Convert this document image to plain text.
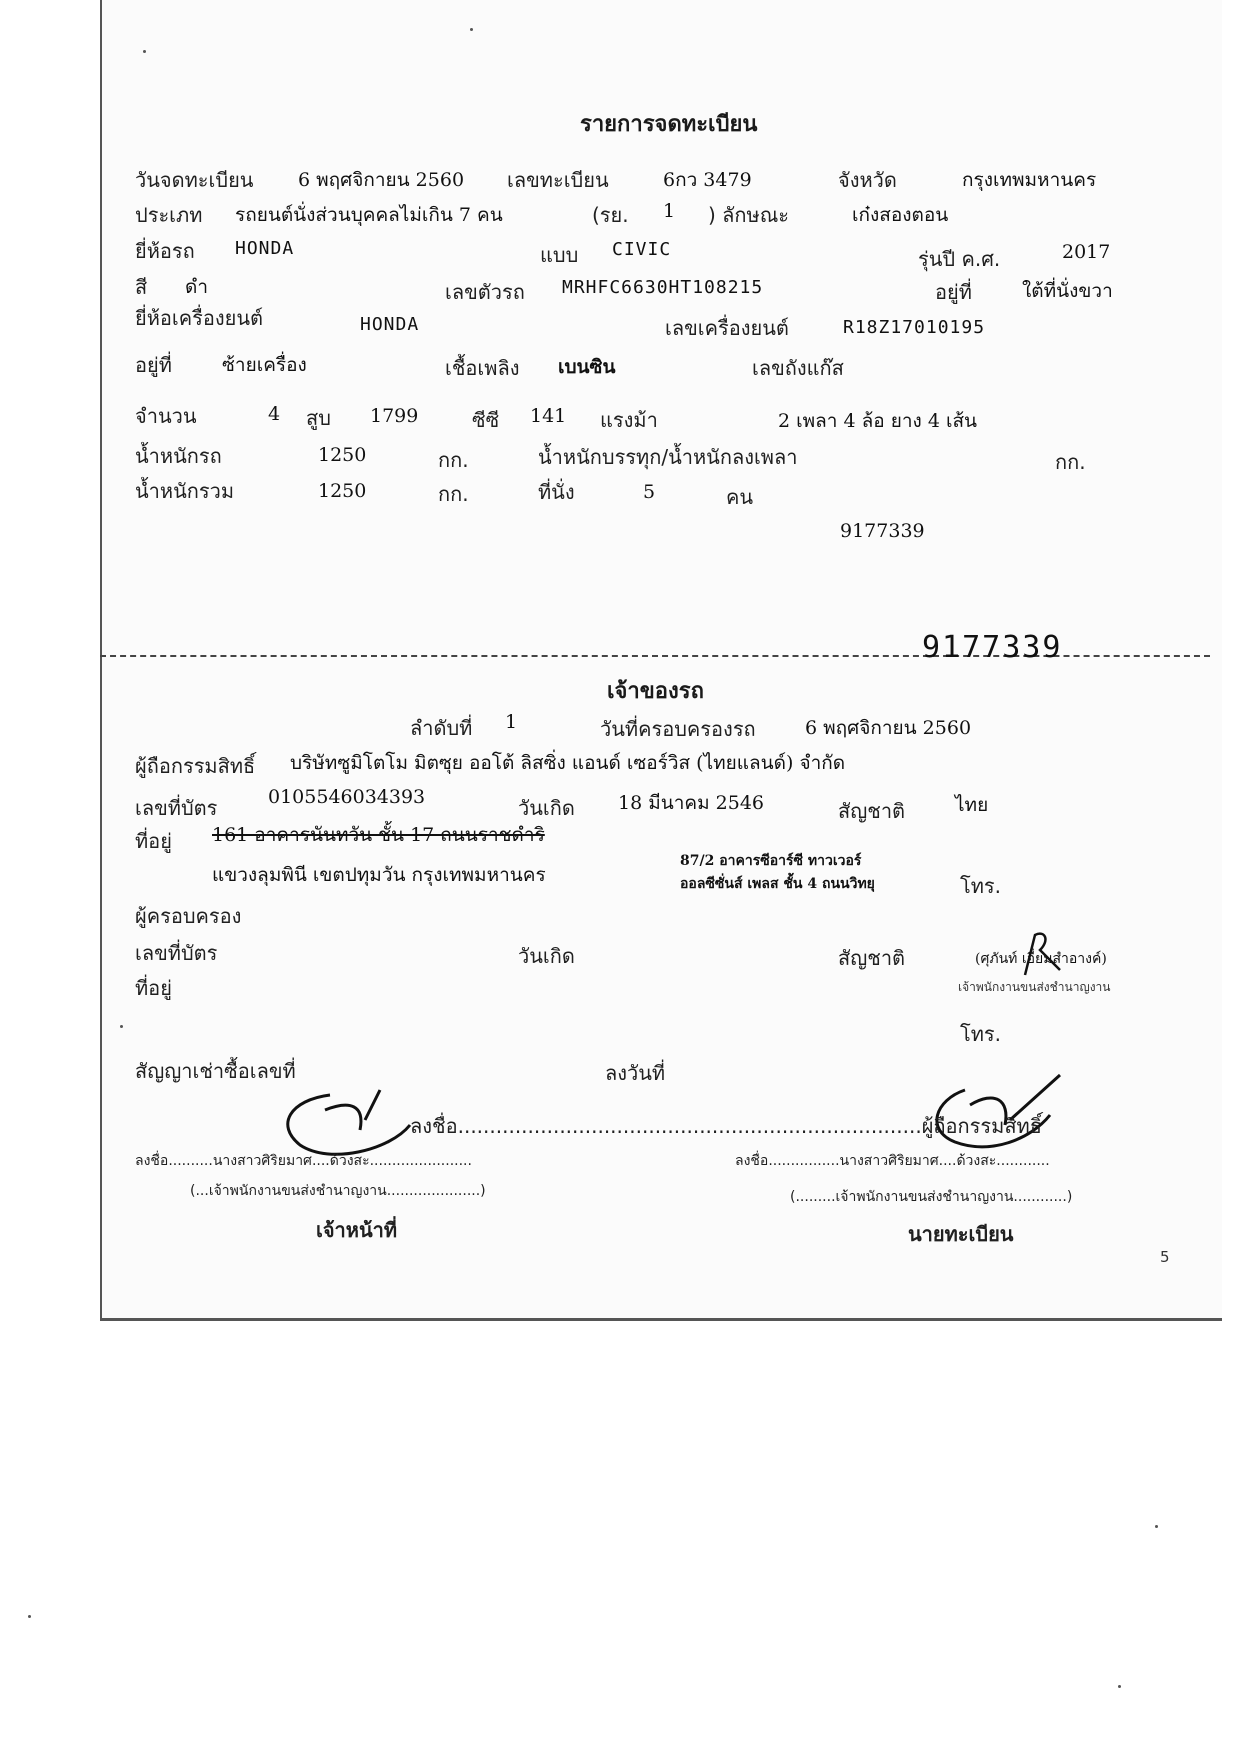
รายการจดทะเบียน
วันจดทะเบียน 6 พฤศจิกายน 2560 เลขทะเบียน	6กว 3479	จังหวัด	กรุงเทพมหานคร
ประเภท รถยนต์นั่งส่วนบุคคลไม่เกิน 7 คน	(รย. 1 ) ลักษณะ	เก๋งสองตอน
ยี่ห้อรถ HONDA	แบบ CIVIC	รุ่นปี ค.ศ.	2017
สี ดำ	เลขตัวรถ MRHFC6630HT108215	อยู่ที่	ใต้ที่นั่งขวา
ยี่ห้อเครื่องยนต์	HONDA	เลขเครื่องยนต์	R18Z17010195
อยู่ที่	ซ้ายเครื่อง	เชื้อเพลิง เบนซิน	เลขถังแก๊ส
จำนวน	4 สูบ 1799	ซีซี 141 แรงม้า	2 เพลา 4 ล้อ ยาง 4 เส้น
น้ำหนักรถ	1250	กก.	น้ำหนักบรรทุก/น้ำหนักลงเพลา	กก.
น้ำหนักรวม	1250	กก.	ที่นั่ง	5	คน
9177339
9177339
เจ้าของรถ
ลำดับที่ 1	วันที่ครอบครองรถ	6 พฤศจิกายน 2560
ผู้ถือกรรมสิทธิ์ บริษัทซูมิโตโม มิตซุย ออโต้ ลิสซิ่ง แอนด์ เซอร์วิส (ไทยแลนด์) จำกัด
เลขที่บัตร	0105546034393	วันเกิด 18 มีนาคม 2546	สัญชาติ	ไทย
ที่อยู่ 161 อาคารนันทวัน ชั้น 17 ถนนราชดำริ
แขวงลุมพินี เขตปทุมวัน กรุงเทพมหานคร
87/2 อาคารซีอาร์ซี ทาวเวอร์
ออลซีซั่นส์ เพลส ชั้น 4 ถนนวิทยุ	โทร.
ผู้ครอบครอง
เลขที่บัตร	วันเกิด	สัญชาติ	(ศุภันท์ เอี่ยมสำอางค์)
เจ้าพนักงานขนส่งชำนาญงาน
ที่อยู่
โทร.
สัญญาเช่าซื้อเลขที่	ลงวันที่
ลงชื่อ.........................................................................ผู้ถือกรรมสิทธิ์
ลงชื่อ..........นางสาวศิริยมาศ....ด้วงสะ.......................
(...เจ้าพนักงานขนส่งชำนาญงาน.....................)
เจ้าหน้าที่
ลงชื่อ................นางสาวศิริยมาศ....ด้วงสะ............
(.........เจ้าพนักงานขนส่งชำนาญงาน............)
นายทะเบียน
5
